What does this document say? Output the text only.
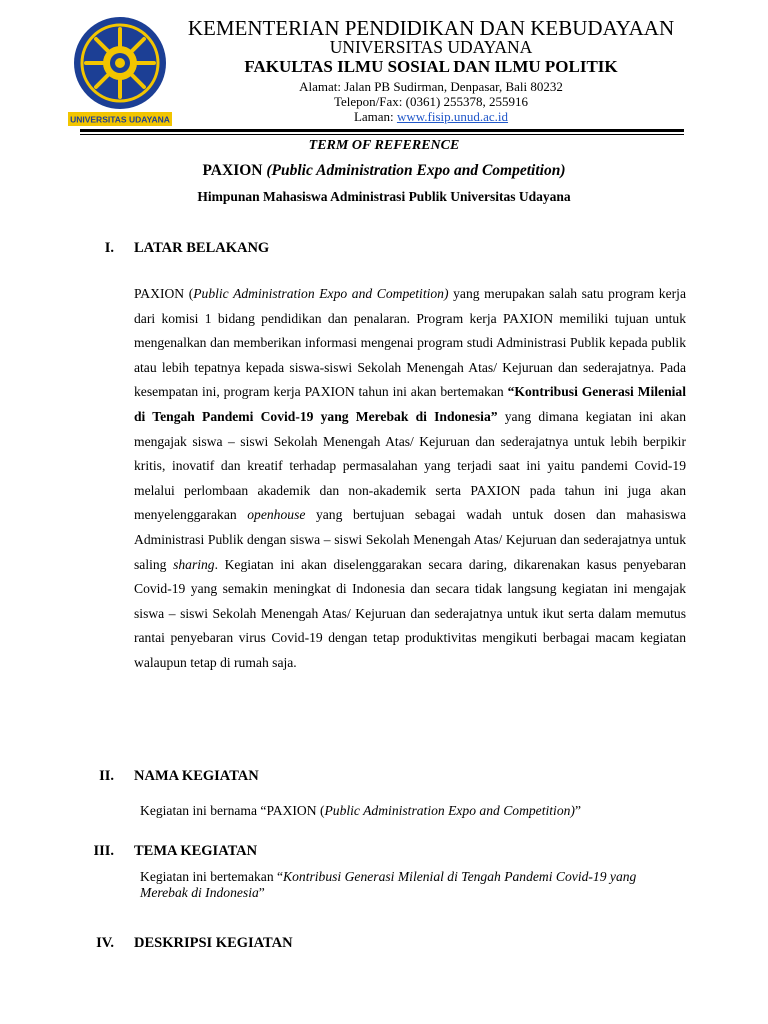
UNIVERSITAS UDAYANA
KEMENTERIAN PENDIDIKAN DAN KEBUDAYAAN
UNIVERSITAS UDAYANA
FAKULTAS ILMU SOSIAL DAN ILMU POLITIK
Alamat: Jalan PB Sudirman, Denpasar, Bali 80232
Telepon/Fax: (0361) 255378, 255916
Laman: www.fisip.unud.ac.id
TERM OF REFERENCE
PAXION (Public Administration Expo and Competition)
Himpunan Mahasiswa Administrasi Publik Universitas Udayana
I. LATAR BELAKANG

PAXION (Public Administration Expo and Competition) yang merupakan salah satu program kerja dari komisi 1 bidang pendidikan dan penalaran. Program kerja PAXION memiliki tujuan untuk mengenalkan dan memberikan informasi mengenai program studi Administrasi Publik kepada publik atau lebih tepatnya kepada siswa-siswi Sekolah Menengah Atas/ Kejuruan dan sederajatnya. Pada kesempatan ini, program kerja PAXION tahun ini akan bertemakan “Kontribusi Generasi Milenial di Tengah Pandemi Covid-19 yang Merebak di Indonesia” yang dimana kegiatan ini akan mengajak siswa – siswi Sekolah Menengah Atas/ Kejuruan dan sederajatnya untuk lebih berpikir kritis, inovatif dan kreatif terhadap permasalahan yang terjadi saat ini yaitu pandemi Covid-19 melalui perlombaan akademik dan non-akademik serta PAXION pada tahun ini juga akan menyelenggarakan openhouse yang bertujuan sebagai wadah untuk dosen dan mahasiswa Administrasi Publik dengan siswa – siswi Sekolah Menengah Atas/ Kejuruan dan sederajatnya untuk saling sharing. Kegiatan ini akan diselenggarakan secara daring, dikarenakan kasus penyebaran Covid-19 yang semakin meningkat di Indonesia dan secara tidak langsung kegiatan ini mengajak siswa – siswi Sekolah Menengah Atas/ Kejuruan dan sederajatnya untuk ikut serta dalam memutus rantai penyebaran virus Covid-19 dengan tetap produktivitas mengikuti berbagai macam kegiatan walaupun tetap di rumah saja.

II. NAMA KEGIATAN
Kegiatan ini bernama “PAXION (Public Administration Expo and Competition)”
III. TEMA KEGIATAN
Kegiatan ini bertemakan “Kontribusi Generasi Milenial di Tengah Pandemi Covid-19 yang Merebak di Indonesia”
IV. DESKRIPSI KEGIATAN
